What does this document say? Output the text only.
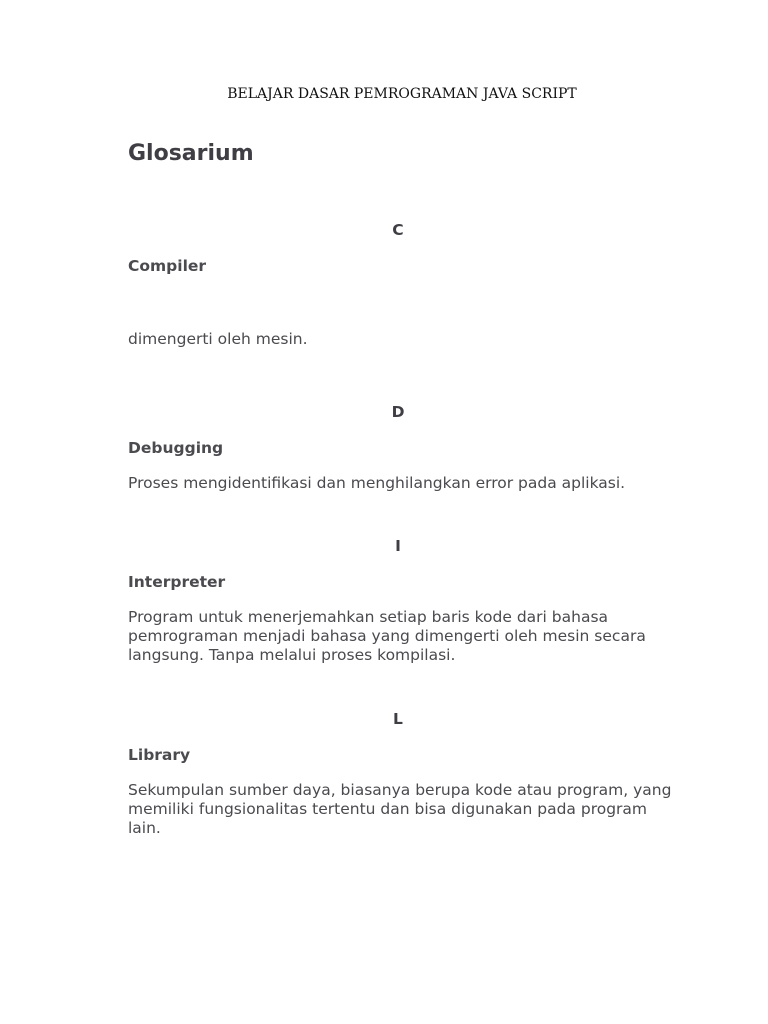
BELAJAR DASAR PEMROGRAMAN JAVA SCRIPT
Glosarium
C
Compiler

dimengerti oleh mesin.

D
Debugging

Proses mengidentifikasi dan menghilangkan error pada aplikasi.

I
Interpreter

Program untuk menerjemahkan setiap baris kode dari bahasa pemrograman menjadi bahasa yang dimengerti oleh mesin secara langsung. Tanpa melalui proses kompilasi.

L
Library

Sekumpulan sumber daya, biasanya berupa kode atau program, yang memiliki fungsionalitas tertentu dan bisa digunakan pada program lain.
